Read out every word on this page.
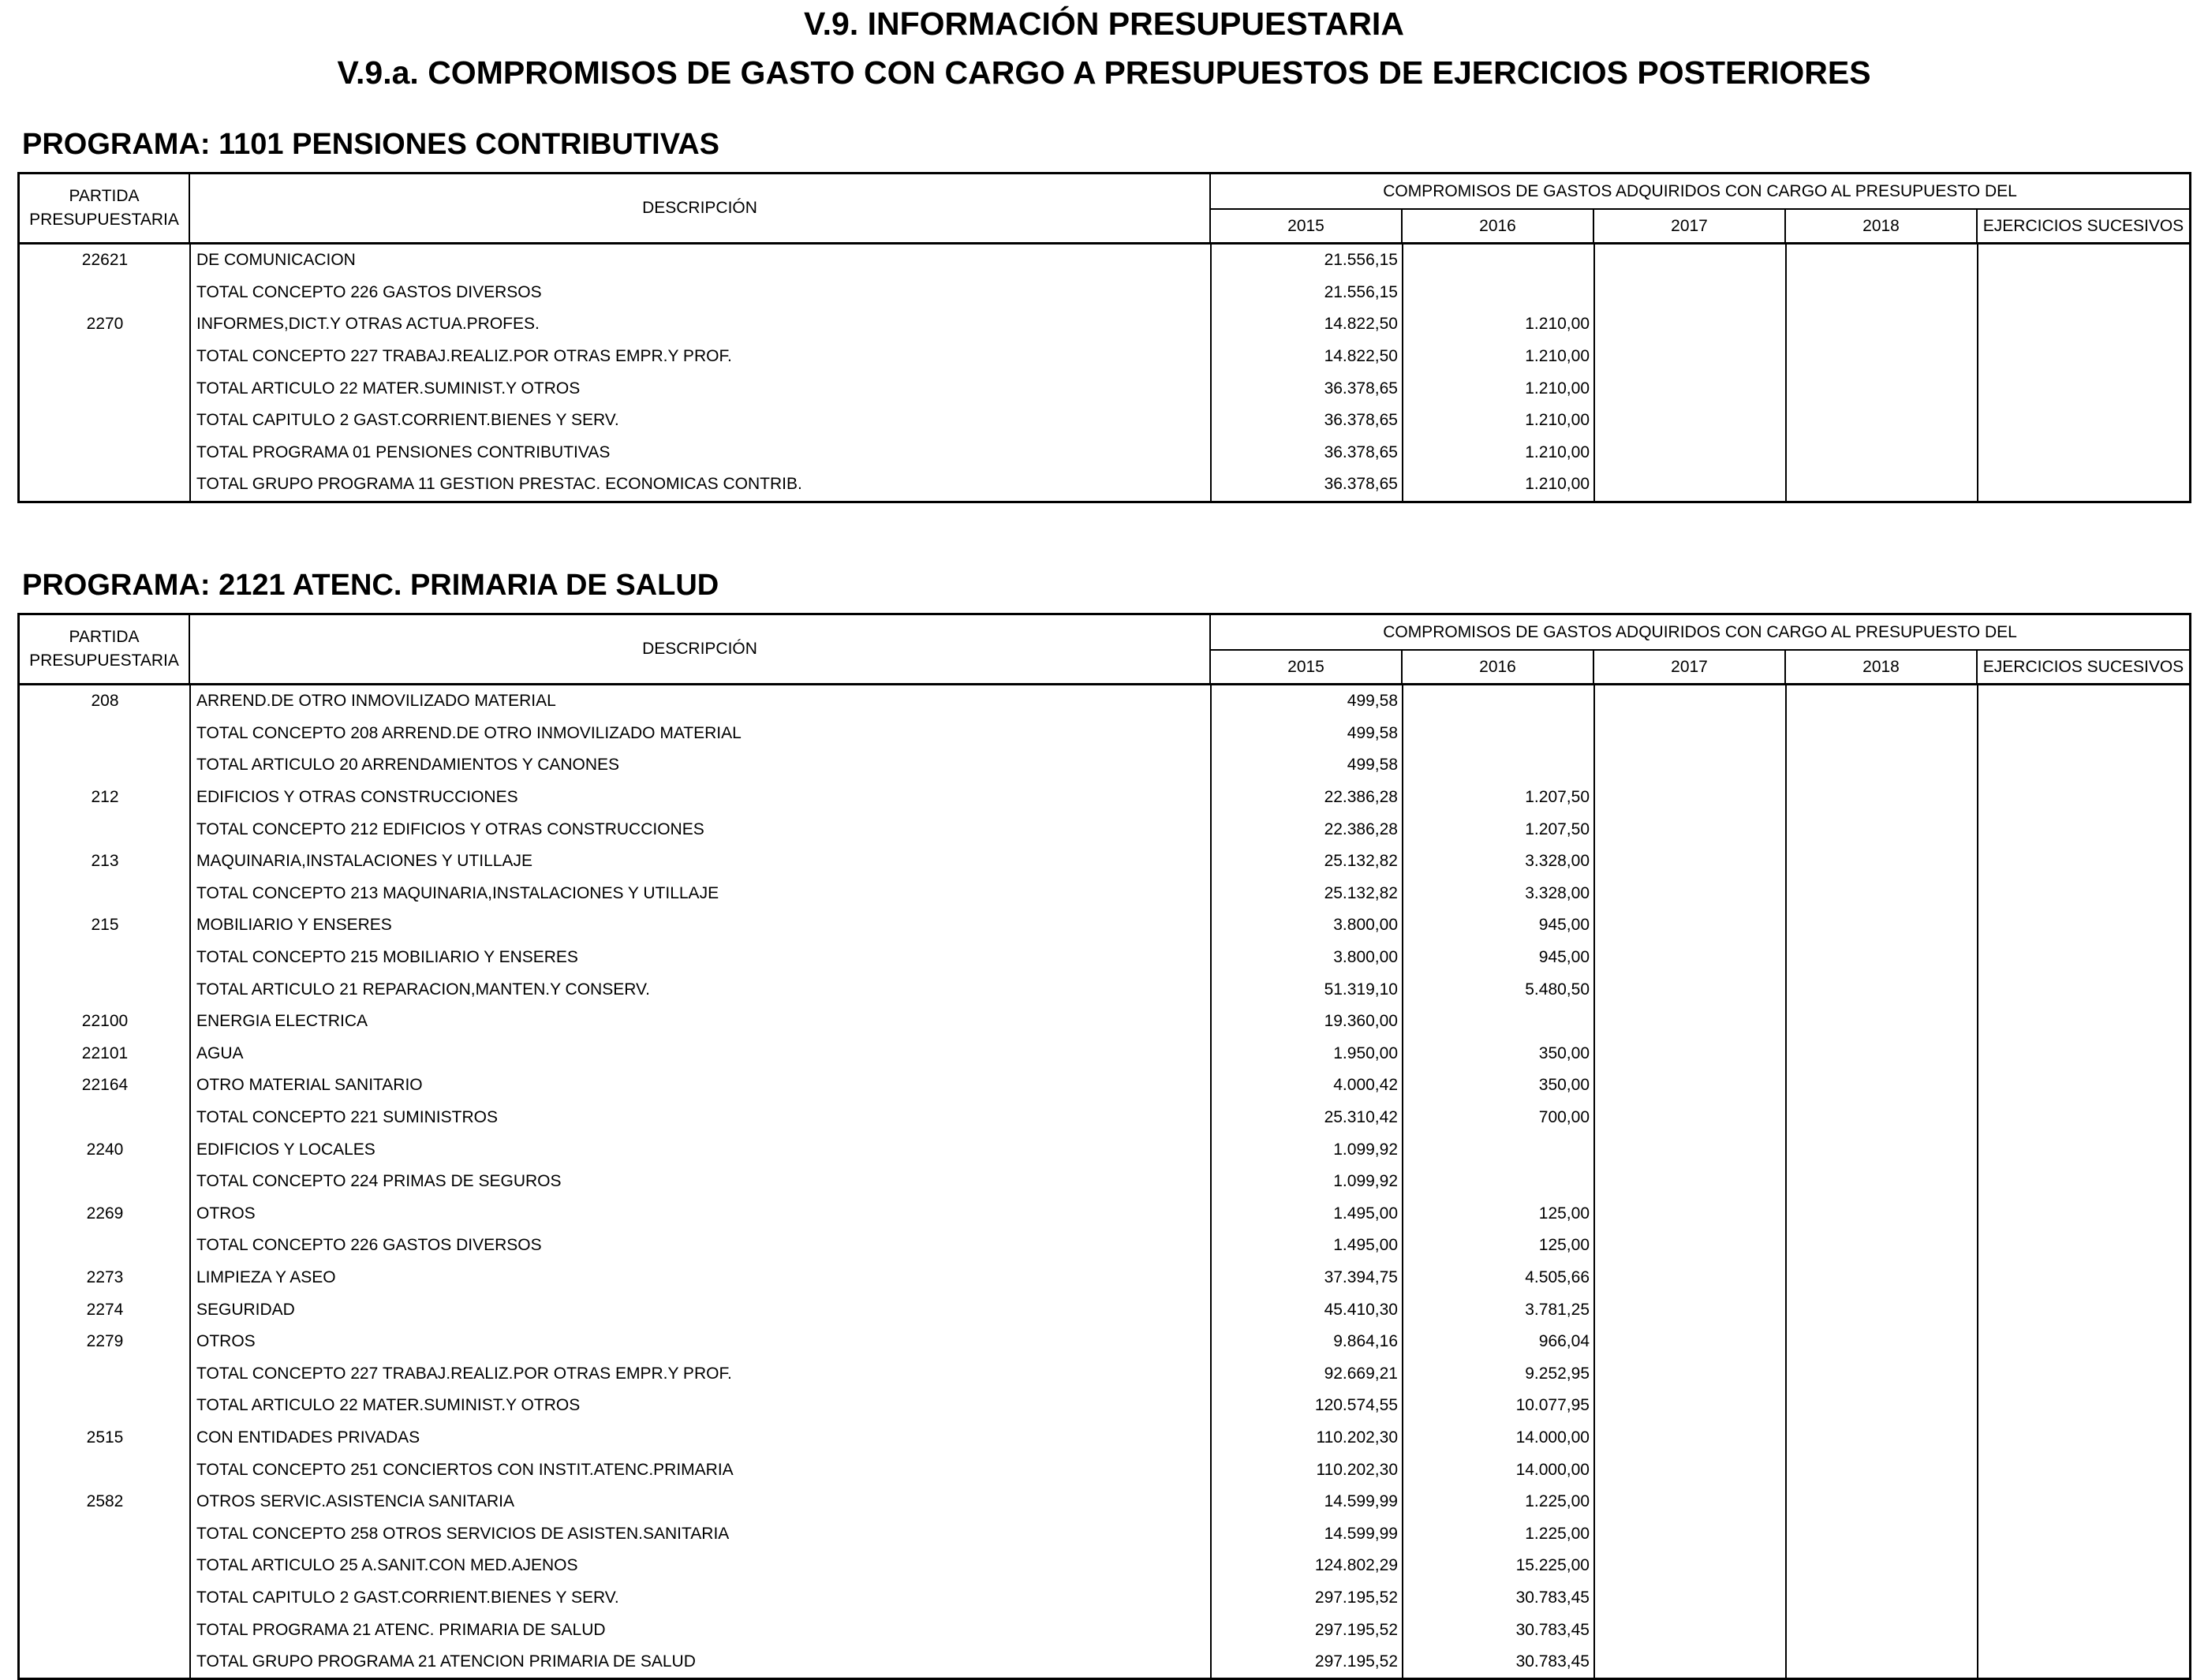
V.9. INFORMACIÓN PRESUPUESTARIA
V.9.a. COMPROMISOS DE GASTO CON CARGO A PRESUPUESTOS DE EJERCICIOS POSTERIORES
PROGRAMA: 1101 PENSIONES CONTRIBUTIVAS
PARTIDA
PRESUPUESTARIA
DESCRIPCIÓN
COMPROMISOS DE GASTOS ADQUIRIDOS CON CARGO AL PRESUPUESTO DEL
2015	2016	2017	2018	EJERCICIOS SUCESIVOS
22621	DE COMUNICACION	21.556,15
TOTAL CONCEPTO 226 GASTOS DIVERSOS	21.556,15
2270	INFORMES,DICT.Y OTRAS ACTUA.PROFES.	14.822,50	1.210,00
TOTAL CONCEPTO 227 TRABAJ.REALIZ.POR OTRAS EMPR.Y PROF.	14.822,50	1.210,00
TOTAL ARTICULO 22 MATER.SUMINIST.Y OTROS	36.378,65	1.210,00
TOTAL CAPITULO 2 GAST.CORRIENT.BIENES Y SERV.	36.378,65	1.210,00
TOTAL PROGRAMA 01 PENSIONES CONTRIBUTIVAS	36.378,65	1.210,00
TOTAL GRUPO PROGRAMA 11 GESTION PRESTAC. ECONOMICAS CONTRIB.	36.378,65	1.210,00
PROGRAMA: 2121 ATENC. PRIMARIA DE SALUD
PARTIDA
PRESUPUESTARIA
DESCRIPCIÓN
COMPROMISOS DE GASTOS ADQUIRIDOS CON CARGO AL PRESUPUESTO DEL
2015	2016	2017	2018	EJERCICIOS SUCESIVOS
208	ARREND.DE OTRO INMOVILIZADO MATERIAL	499,58
TOTAL CONCEPTO 208 ARREND.DE OTRO INMOVILIZADO MATERIAL	499,58
TOTAL ARTICULO 20 ARRENDAMIENTOS Y CANONES	499,58
212	EDIFICIOS Y OTRAS CONSTRUCCIONES	22.386,28	1.207,50
TOTAL CONCEPTO 212 EDIFICIOS Y OTRAS CONSTRUCCIONES	22.386,28	1.207,50
213	MAQUINARIA,INSTALACIONES Y UTILLAJE	25.132,82	3.328,00
TOTAL CONCEPTO 213 MAQUINARIA,INSTALACIONES Y UTILLAJE	25.132,82	3.328,00
215	MOBILIARIO Y ENSERES	3.800,00	945,00
TOTAL CONCEPTO 215 MOBILIARIO Y ENSERES	3.800,00	945,00
TOTAL ARTICULO 21 REPARACION,MANTEN.Y CONSERV.	51.319,10	5.480,50
22100	ENERGIA ELECTRICA	19.360,00
22101	AGUA	1.950,00	350,00
22164	OTRO MATERIAL SANITARIO	4.000,42	350,00
TOTAL CONCEPTO 221 SUMINISTROS	25.310,42	700,00
2240	EDIFICIOS Y LOCALES	1.099,92
TOTAL CONCEPTO 224 PRIMAS DE SEGUROS	1.099,92
2269	OTROS	1.495,00	125,00
TOTAL CONCEPTO 226 GASTOS DIVERSOS	1.495,00	125,00
2273	LIMPIEZA Y ASEO	37.394,75	4.505,66
2274	SEGURIDAD	45.410,30	3.781,25
2279	OTROS	9.864,16	966,04
TOTAL CONCEPTO 227 TRABAJ.REALIZ.POR OTRAS EMPR.Y PROF.	92.669,21	9.252,95
TOTAL ARTICULO 22 MATER.SUMINIST.Y OTROS	120.574,55	10.077,95
2515	CON ENTIDADES PRIVADAS	110.202,30	14.000,00
TOTAL CONCEPTO 251 CONCIERTOS CON INSTIT.ATENC.PRIMARIA	110.202,30	14.000,00
2582	OTROS SERVIC.ASISTENCIA SANITARIA	14.599,99	1.225,00
TOTAL CONCEPTO 258 OTROS SERVICIOS DE ASISTEN.SANITARIA	14.599,99	1.225,00
TOTAL ARTICULO 25 A.SANIT.CON MED.AJENOS	124.802,29	15.225,00
TOTAL CAPITULO 2 GAST.CORRIENT.BIENES Y SERV.	297.195,52	30.783,45
TOTAL PROGRAMA 21 ATENC. PRIMARIA DE SALUD	297.195,52	30.783,45
TOTAL GRUPO PROGRAMA 21 ATENCION PRIMARIA DE SALUD	297.195,52	30.783,45
